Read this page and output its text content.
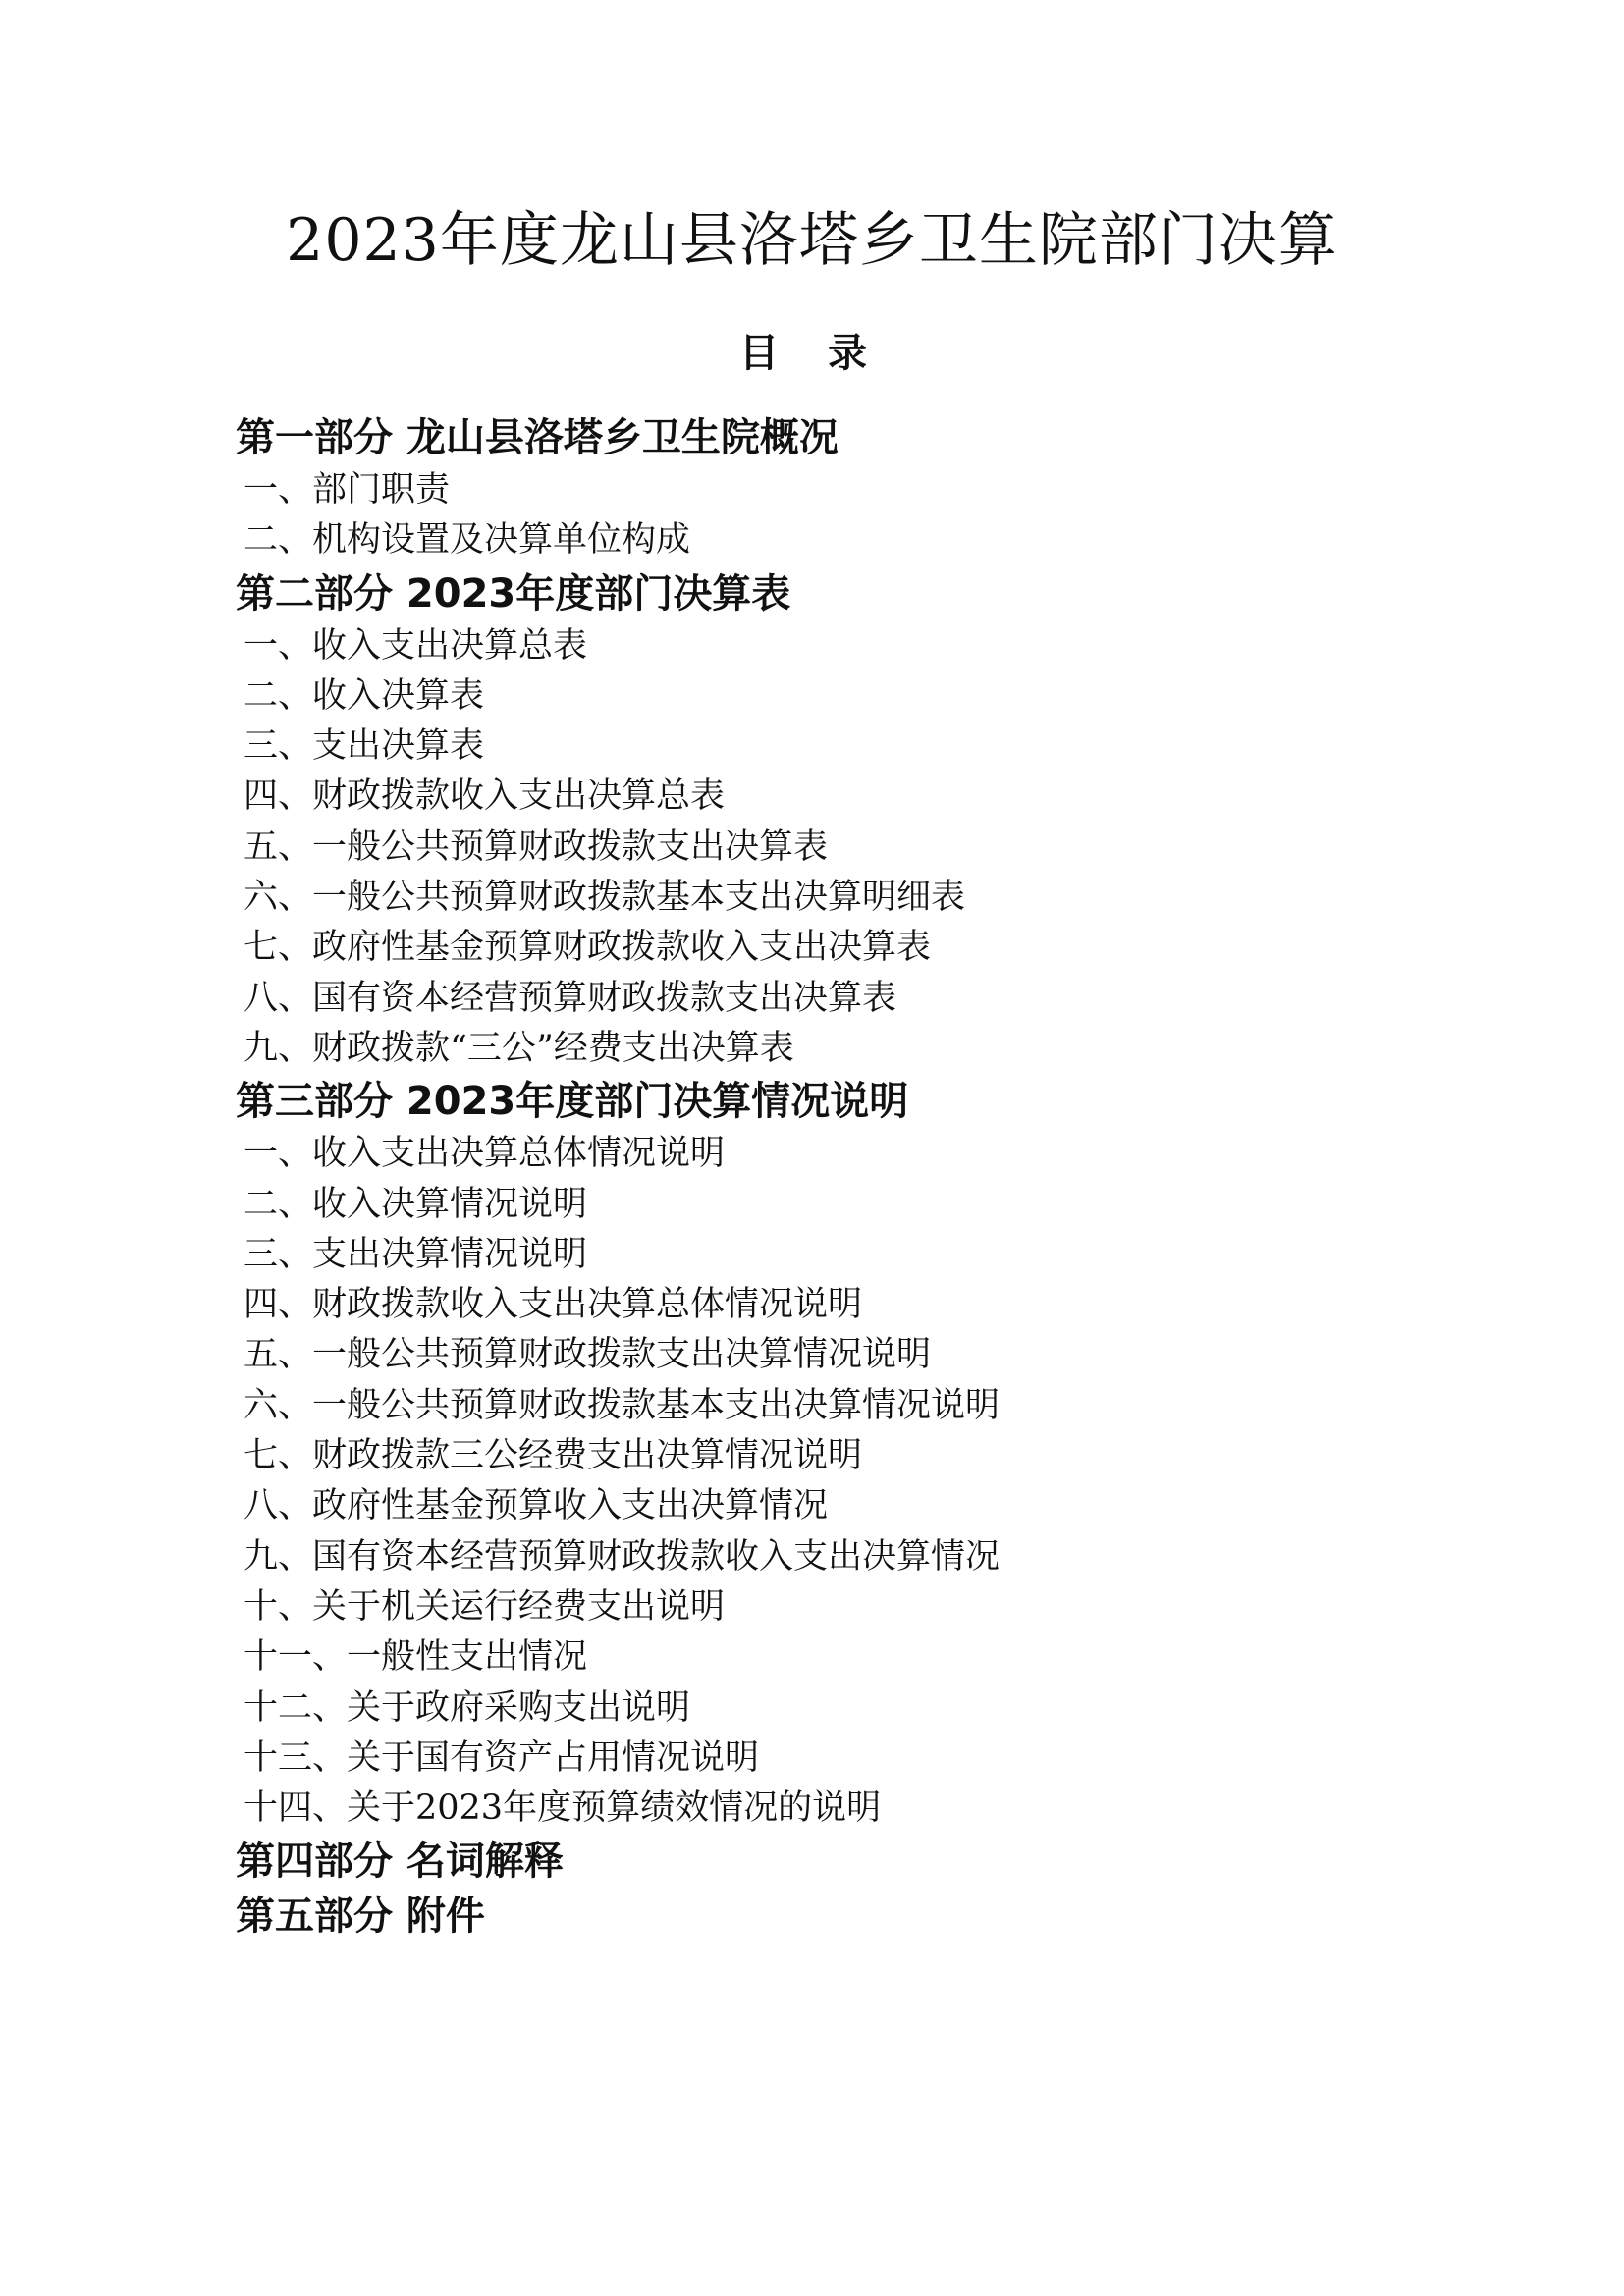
2023年度龙山县洛塔乡卫生院部门决算
目 录
第一部分 龙山县洛塔乡卫生院概况
一、部门职责
二、机构设置及决算单位构成
第二部分 2023年度部门决算表
一、收入支出决算总表
二、收入决算表
三、支出决算表
四、财政拨款收入支出决算总表
五、一般公共预算财政拨款支出决算表
六、一般公共预算财政拨款基本支出决算明细表
七、政府性基金预算财政拨款收入支出决算表
八、国有资本经营预算财政拨款支出决算表
九、财政拨款“三公”经费支出决算表
第三部分 2023年度部门决算情况说明
一、收入支出决算总体情况说明
二、收入决算情况说明
三、支出决算情况说明
四、财政拨款收入支出决算总体情况说明
五、一般公共预算财政拨款支出决算情况说明
六、一般公共预算财政拨款基本支出决算情况说明
七、财政拨款三公经费支出决算情况说明
八、政府性基金预算收入支出决算情况
九、国有资本经营预算财政拨款收入支出决算情况
十、关于机关运行经费支出说明
十一、一般性支出情况
十二、关于政府采购支出说明
十三、关于国有资产占用情况说明
十四、关于2023年度预算绩效情况的说明
第四部分 名词解释
第五部分 附件
